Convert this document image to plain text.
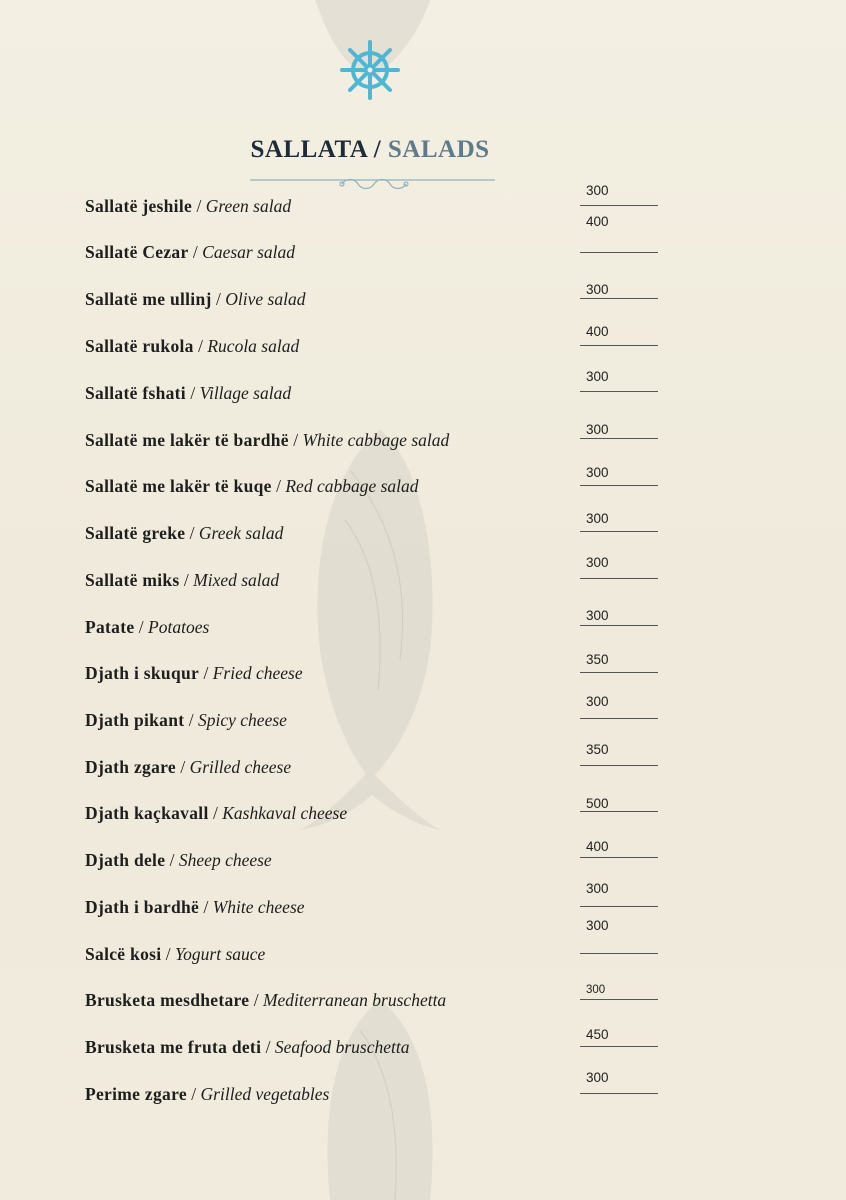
SALLATA / SALADS
Sallatë jeshile / Green salad
Sallatë Cezar / Caesar salad
Sallatë me ullinj / Olive salad
Sallatë rukola / Rucola salad
Sallatë fshati / Village salad
Sallatë me lakër të bardhë / White cabbage salad
Sallatë me lakër të kuqe / Red cabbage salad
Sallatë greke / Greek salad
Sallatë miks / Mixed salad
Patate / Potatoes
Djath i skuqur / Fried cheese
Djath pikant / Spicy cheese
Djath zgare / Grilled cheese
Djath kaçkavall / Kashkaval cheese
Djath dele / Sheep cheese
Djath i bardhë / White cheese
Salcë kosi / Yogurt sauce
Brusketa mesdhetare / Mediterranean bruschetta
Brusketa me fruta deti / Seafood bruschetta
Perime zgare / Grilled vegetables
300
400
300
400
300
300
300
300
300
300
350
300
350
500
400
300
300
300
450
300
